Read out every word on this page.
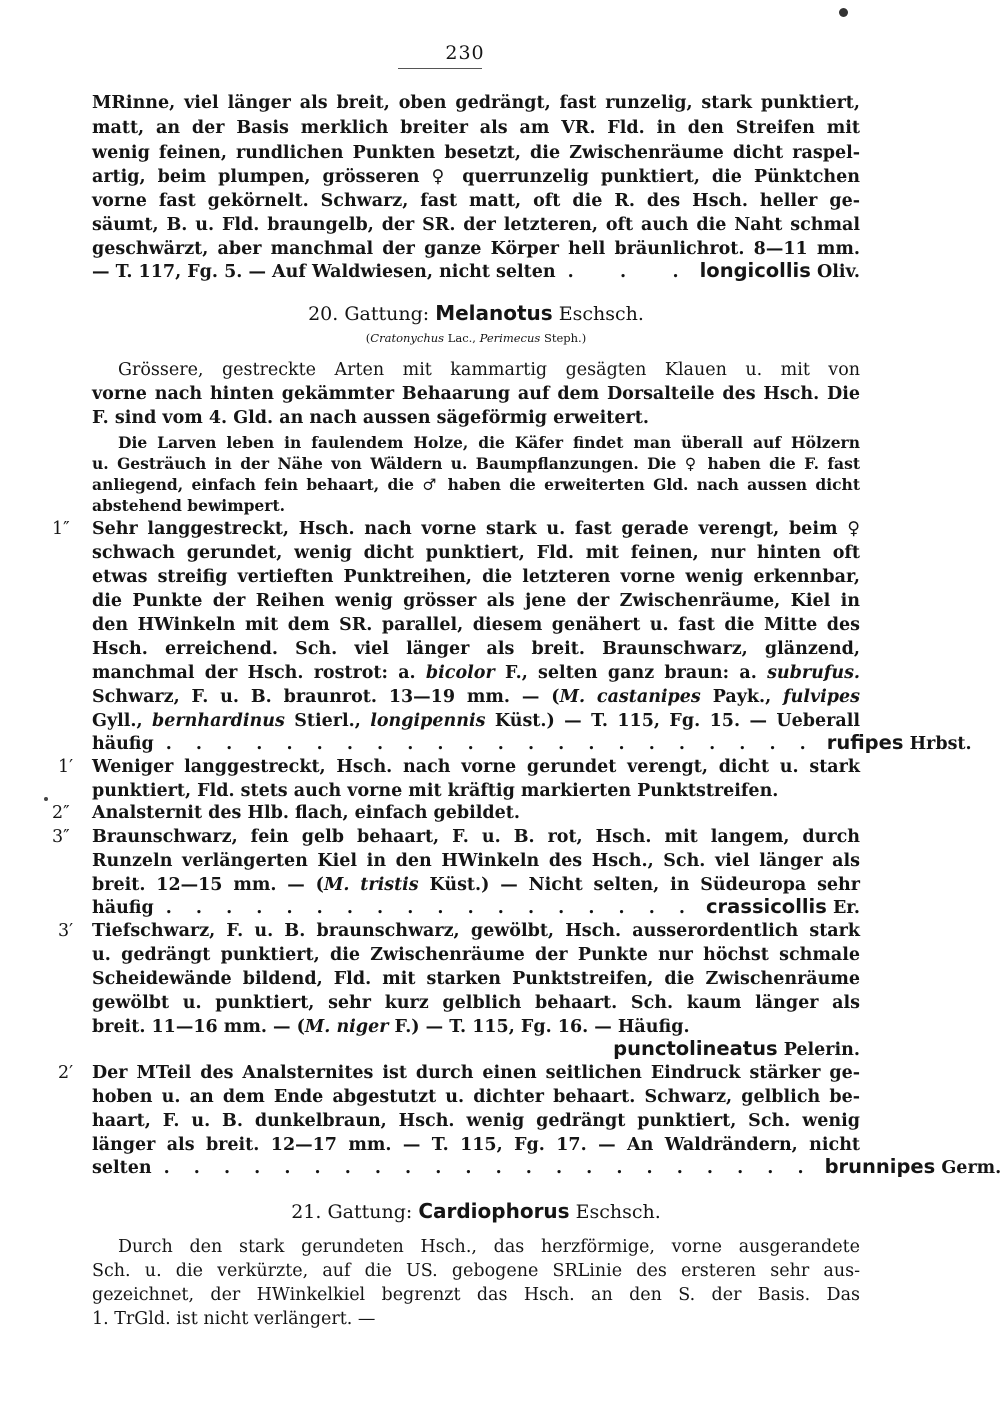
230
MRinne, viel länger als breit, oben gedrängt, fast runzelig, stark punktiert,
matt, an der Basis merklich breiter als am VR. Fld. in den Streifen mit
wenig feinen, rundlichen Punkten besetzt, die Zwischenräume dicht raspel-
artig, beim plumpen, grösseren ♀ querrunzelig punktiert, die Pünktchen
vorne fast gekörnelt. Schwarz, fast matt, oft die R. des Hsch. heller ge-
säumt, B. u. Fld. braungelb, der SR. der letzteren, oft auch die Naht schmal
geschwärzt, aber manchmal der ganze Körper hell bräunlichrot. 8—11 mm.
— T. 117, Fg. 5. — Auf Waldwiesen, nicht selten . . . longicollis Oliv.
20. Gattung: Melanotus Eschsch.
(Cratonychus Lac., Perimecus Steph.)
Grössere, gestreckte Arten mit kammartig gesägten Klauen u. mit von
vorne nach hinten gekämmter Behaarung auf dem Dorsalteile des Hsch. Die
F. sind vom 4. Gld. an nach aussen sägeförmig erweitert.
Die Larven leben in faulendem Holze, die Käfer findet man überall auf Hölzern
u. Gesträuch in der Nähe von Wäldern u. Baumpflanzungen. Die ♀ haben die F. fast
anliegend, einfach fein behaart, die ♂ haben die erweiterten Gld. nach aussen dicht
abstehend bewimpert.
1″ Sehr langgestreckt, Hsch. nach vorne stark u. fast gerade verengt, beim ♀
schwach gerundet, wenig dicht punktiert, Fld. mit feinen, nur hinten oft
etwas streifig vertieften Punktreihen, die letzteren vorne wenig erkennbar,
die Punkte der Reihen wenig grösser als jene der Zwischenräume, Kiel in
den HWinkeln mit dem SR. parallel, diesem genähert u. fast die Mitte des
Hsch. erreichend. Sch. viel länger als breit. Braunschwarz, glänzend,
manchmal der Hsch. rostrot: a. bicolor F., selten ganz braun: a. subrufus.
Schwarz, F. u. B. braunrot. 13—19 mm. — (M. castanipes Payk., fulvipes
Gyll., bernhardinus Stierl., longipennis Küst.) — T. 115, Fg. 15. — Ueberall
häufig . . . . . . . . . . . . . . . . . . . . . . rufipes Hrbst.
1′ Weniger langgestreckt, Hsch. nach vorne gerundet verengt, dicht u. stark
punktiert, Fld. stets auch vorne mit kräftig markierten Punktstreifen.
2″ Analsternit des Hlb. flach, einfach gebildet.
3″ Braunschwarz, fein gelb behaart, F. u. B. rot, Hsch. mit langem, durch
Runzeln verlängerten Kiel in den HWinkeln des Hsch., Sch. viel länger als
breit. 12—15 mm. — (M. tristis Küst.) — Nicht selten, in Südeuropa sehr
häufig . . . . . . . . . . . . . . . . . . crassicollis Er.
3′ Tiefschwarz, F. u. B. braunschwarz, gewölbt, Hsch. ausserordentlich stark
u. gedrängt punktiert, die Zwischenräume der Punkte nur höchst schmale
Scheidewände bildend, Fld. mit starken Punktstreifen, die Zwischenräume
gewölbt u. punktiert, sehr kurz gelblich behaart. Sch. kaum länger als
breit. 11—16 mm. — (M. niger F.) — T. 115, Fg. 16. — Häufig.
punctolineatus Pelerin.
2′ Der MTeil des Analsternites ist durch einen seitlichen Eindruck stärker ge-
hoben u. an dem Ende abgestutzt u. dichter behaart. Schwarz, gelblich be-
haart, F. u. B. dunkelbraun, Hsch. wenig gedrängt punktiert, Sch. wenig
länger als breit. 12—17 mm. — T. 115, Fg. 17. — An Waldrändern, nicht
selten . . . . . . . . . . . . . . . . . . . . . . brunnipes Germ.
21. Gattung: Cardiophorus Eschsch.
Durch den stark gerundeten Hsch., das herzförmige, vorne ausgerandete
Sch. u. die verkürzte, auf die US. gebogene SRLinie des ersteren sehr aus-
gezeichnet, der HWinkelkiel begrenzt das Hsch. an den S. der Basis. Das
1. TrGld. ist nicht verlängert. —
